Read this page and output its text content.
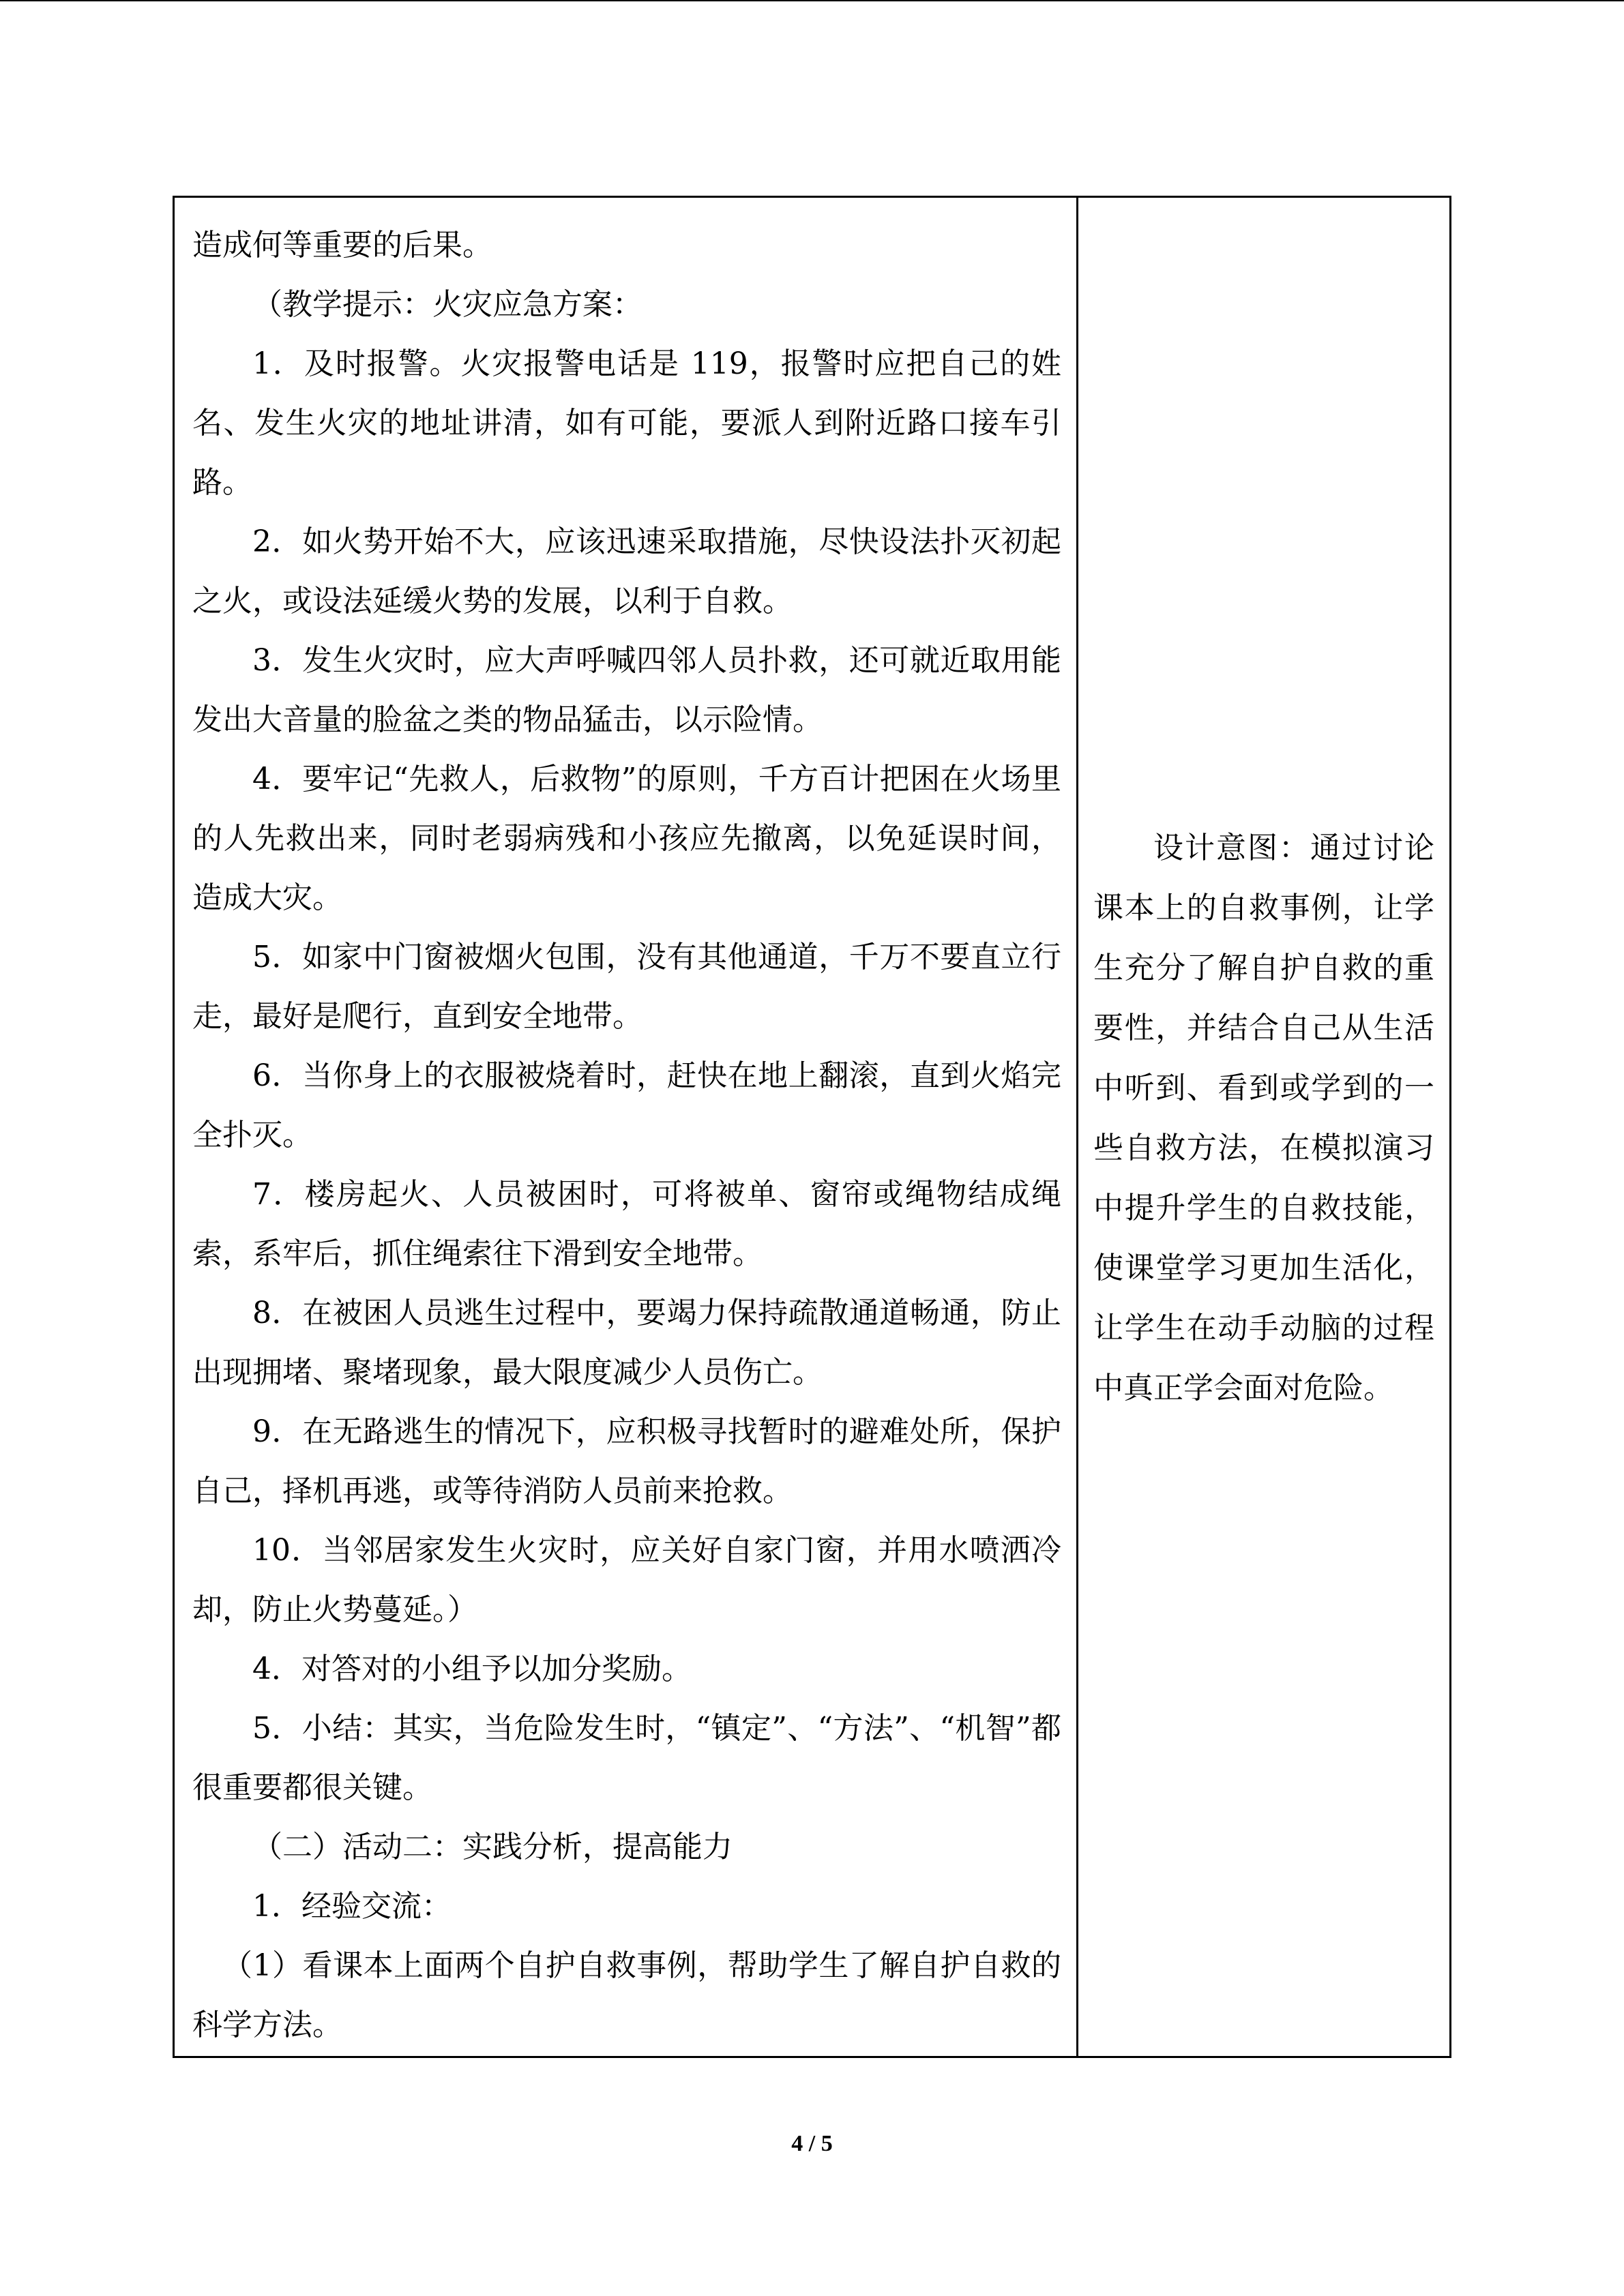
造成何等重要的后果。

（教学提示：火灾应急方案：

1．及时报警。火灾报警电话是 119，报警时应把自己的姓名、发生火灾的地址讲清，如有可能，要派人到附近路口接车引路。

2．如火势开始不大，应该迅速采取措施，尽快设法扑灭初起之火，或设法延缓火势的发展，以利于自救。

3．发生火灾时，应大声呼喊四邻人员扑救，还可就近取用能发出大音量的脸盆之类的物品猛击，以示险情。

4．要牢记“先救人，后救物”的原则，千方百计把困在火场里的人先救出来，同时老弱病残和小孩应先撤离，以免延误时间，造成大灾。

5．如家中门窗被烟火包围，没有其他通道，千万不要直立行走，最好是爬行，直到安全地带。

6．当你身上的衣服被烧着时，赶快在地上翻滚，直到火焰完全扑灭。

7．楼房起火、人员被困时，可将被单、窗帘或绳物结成绳索，系牢后，抓住绳索往下滑到安全地带。

8．在被困人员逃生过程中，要竭力保持疏散通道畅通，防止出现拥堵、聚堵现象，最大限度减少人员伤亡。

9．在无路逃生的情况下，应积极寻找暂时的避难处所，保护自己，择机再逃，或等待消防人员前来抢救。

10．当邻居家发生火灾时，应关好自家门窗，并用水喷洒冷却，防止火势蔓延。）

4．对答对的小组予以加分奖励。

5．小结：其实，当危险发生时，“镇定”、“方法”、“机智”都很重要都很关键。

（二）活动二：实践分析，提高能力

1．经验交流：

（1）看课本上面两个自护自救事例，帮助学生了解自护自救的科学方法。

设计意图：通过讨论课本上的自救事例，让学生充分了解自护自救的重要性，并结合自己从生活中听到、看到或学到的一些自救方法，在模拟演习中提升学生的自救技能，使课堂学习更加生活化，让学生在动手动脑的过程中真正学会面对危险。

4 / 5
